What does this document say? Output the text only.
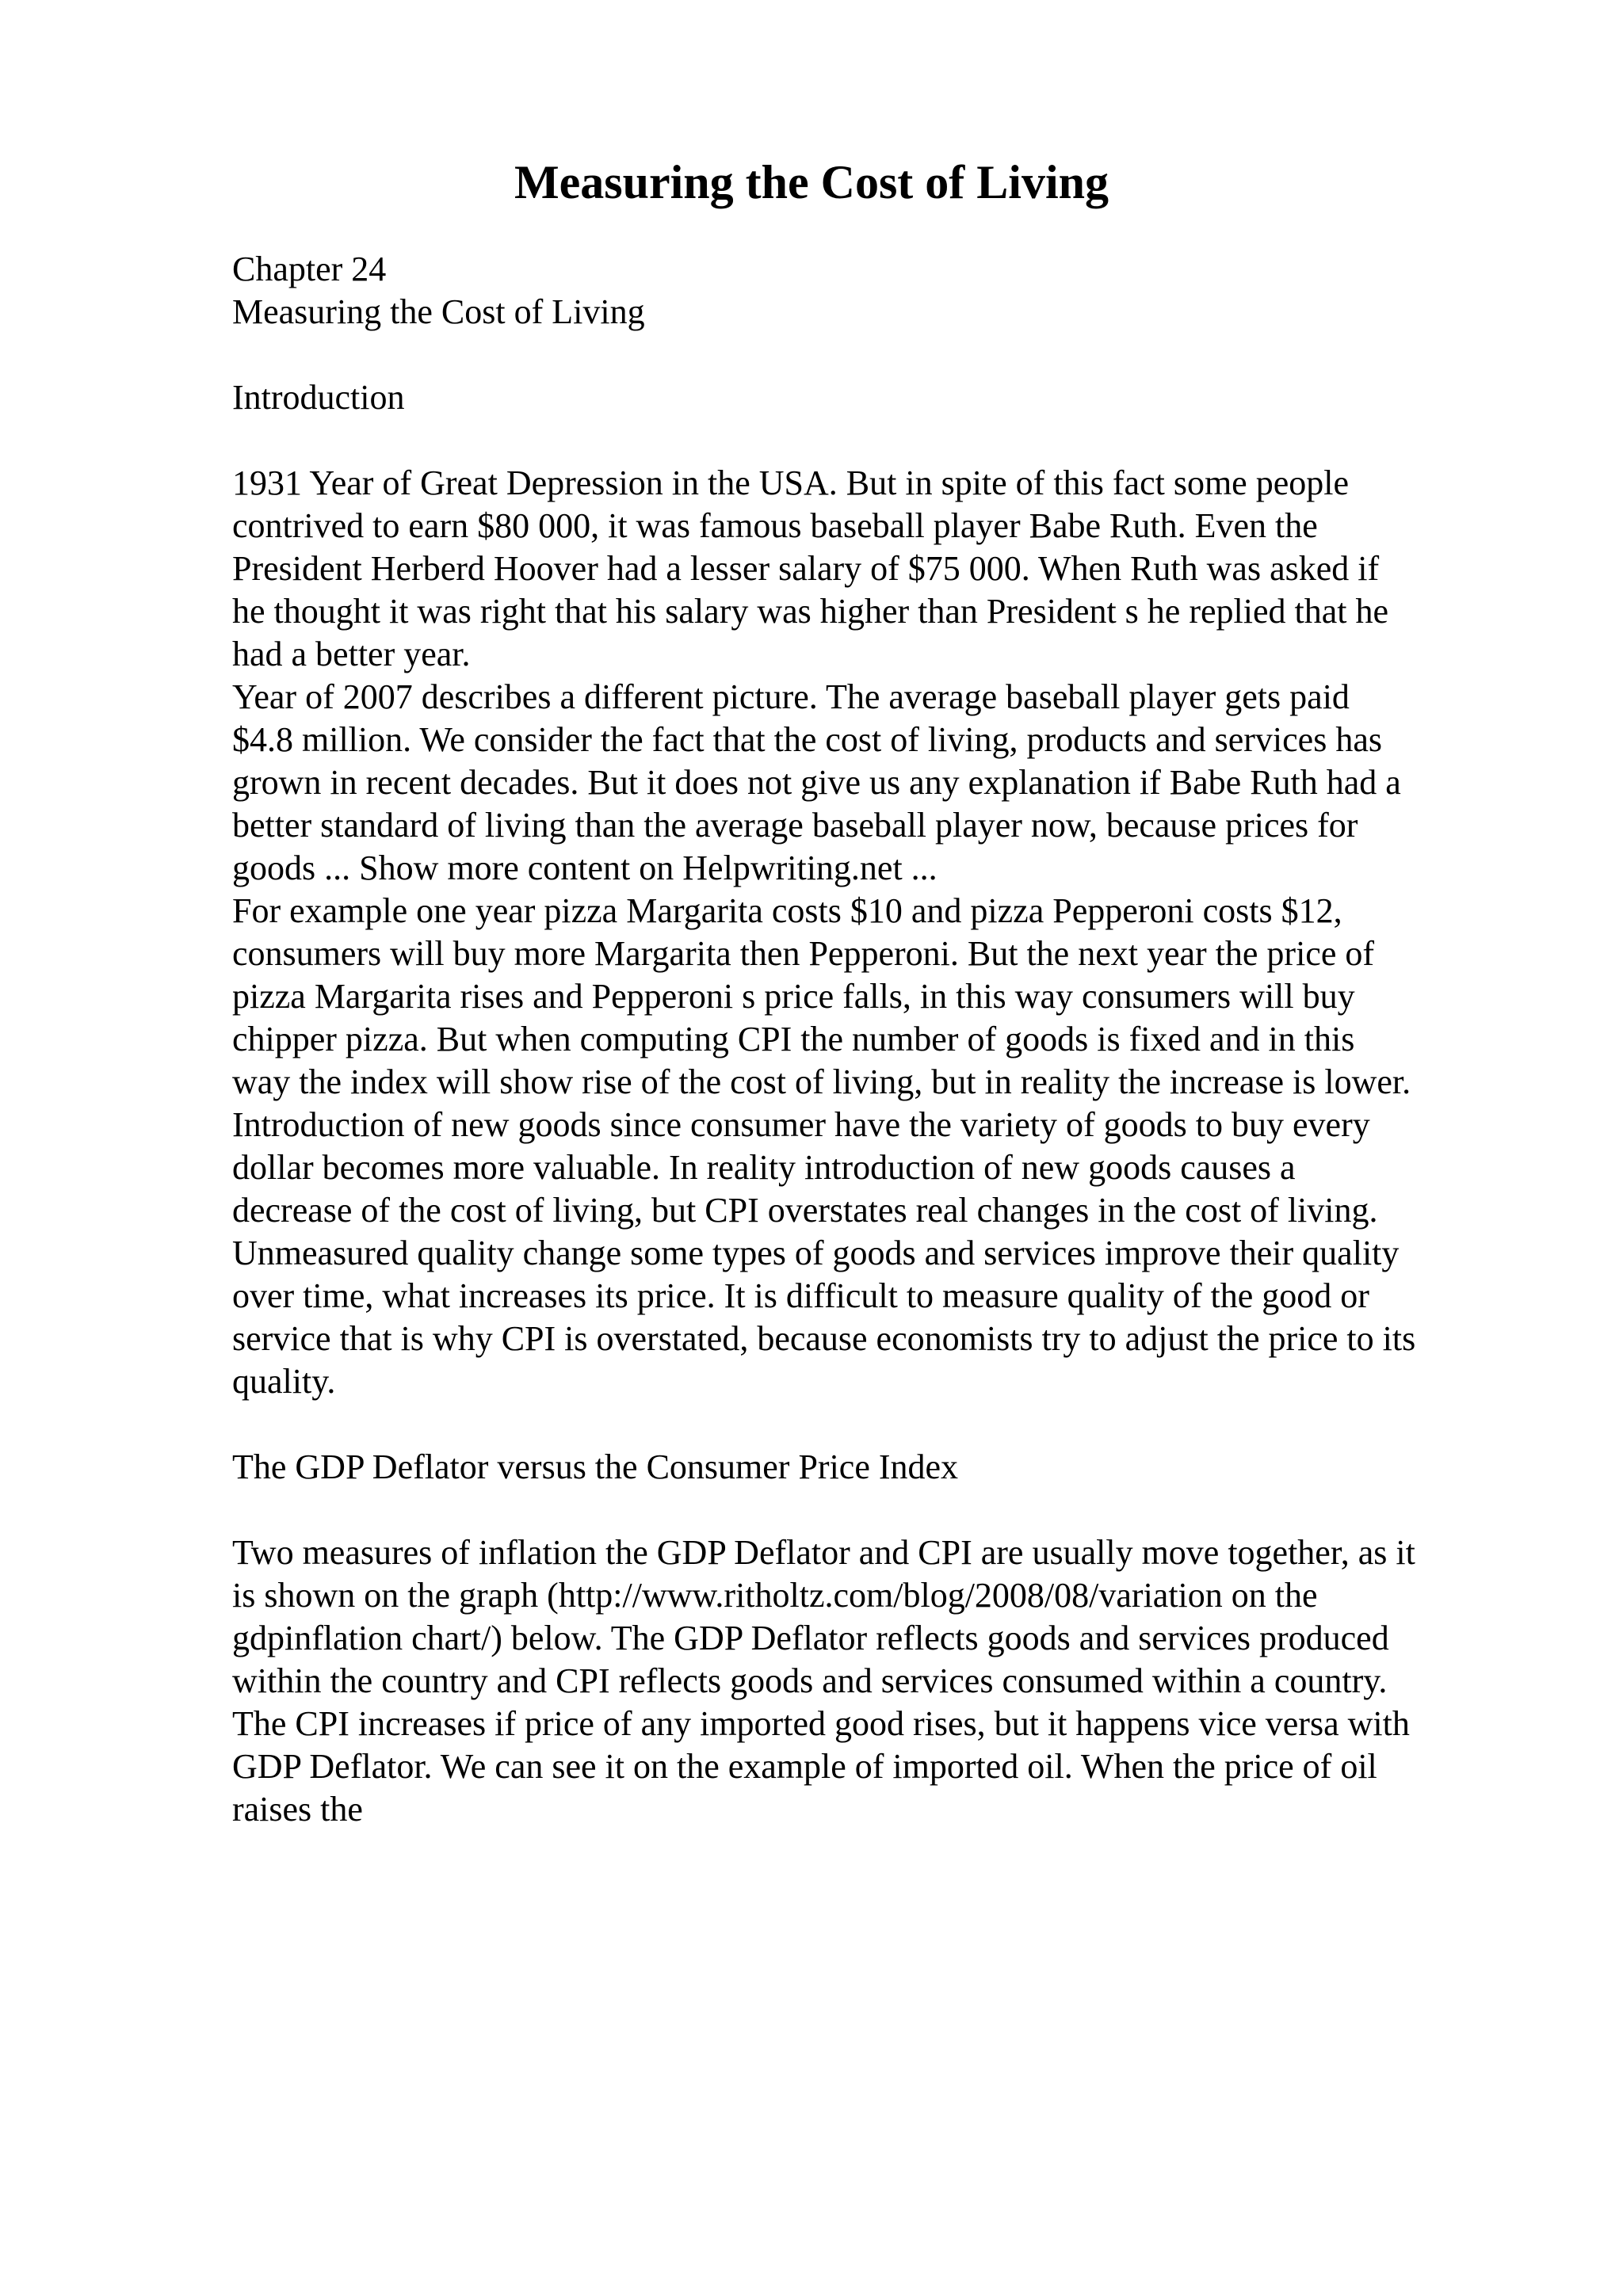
Measuring the Cost of Living
Chapter 24
Measuring the Cost of Living
Introduction
1931 Year of Great Depression in the USA. But in spite of this fact some people
contrived to earn $80 000, it was famous baseball player Babe Ruth. Even the
President Herberd Hoover had a lesser salary of $75 000. When Ruth was asked if
he thought it was right that his salary was higher than President s he replied that he
had a better year.
Year of 2007 describes a different picture. The average baseball player gets paid
$4.8 million. We consider the fact that the cost of living, products and services has
grown in recent decades. But it does not give us any explanation if Babe Ruth had a
better standard of living than the average baseball player now, because prices for
goods ... Show more content on Helpwriting.net ...
For example one year pizza Margarita costs $10 and pizza Pepperoni costs $12,
consumers will buy more Margarita then Pepperoni. But the next year the price of
pizza Margarita rises and Pepperoni s price falls, in this way consumers will buy
chipper pizza. But when computing CPI the number of goods is fixed and in this
way the index will show rise of the cost of living, but in reality the increase is lower.
Introduction of new goods since consumer have the variety of goods to buy every
dollar becomes more valuable. In reality introduction of new goods causes a
decrease of the cost of living, but CPI overstates real changes in the cost of living.
Unmeasured quality change some types of goods and services improve their quality
over time, what increases its price. It is difficult to measure quality of the good or
service that is why CPI is overstated, because economists try to adjust the price to its
quality.
The GDP Deflator versus the Consumer Price Index
Two measures of inflation the GDP Deflator and CPI are usually move together, as it
is shown on the graph (http://www.ritholtz.com/blog/2008/08/variation on the
gdpinflation chart/) below. The GDP Deflator reflects goods and services produced
within the country and CPI reflects goods and services consumed within a country.
The CPI increases if price of any imported good rises, but it happens vice versa with
GDP Deflator. We can see it on the example of imported oil. When the price of oil
raises the
